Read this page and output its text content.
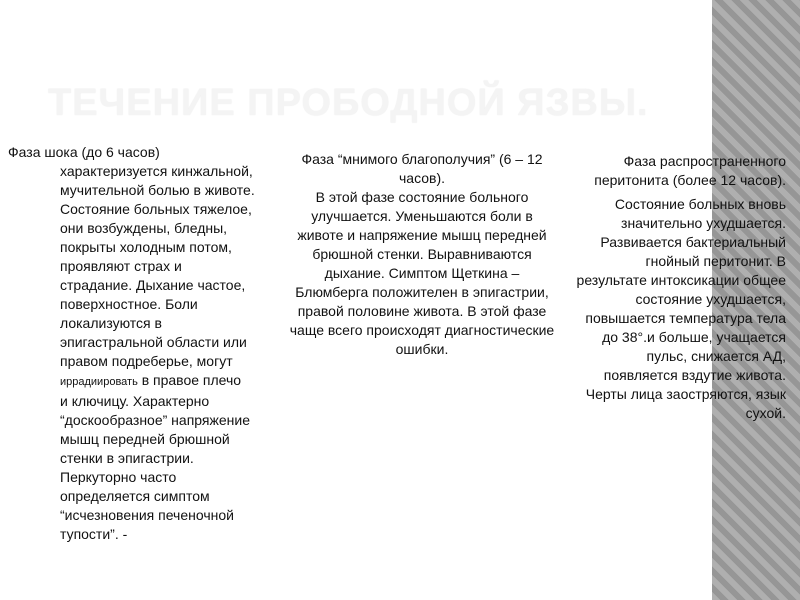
ТЕЧЕНИЕ ПРОБОДНОЙ ЯЗВЫ.
Фаза шока (до 6 часов)
характеризуется кинжальной,
мучительной болью в животе.
Состояние больных тяжелое,
они возбуждены, бледны,
покрыты холодным потом,
проявляют страх и
страдание. Дыхание частое,
поверхностное. Боли
локализуются в
эпигастральной области или
правом подреберье, могут
иррадиировать в правое плечо
и ключицу. Характерно
“доскообразное” напряжение
мышц передней брюшной
стенки в эпигастрии.
Перкуторно часто
определяется симптом
“исчезновения печеночной
тупости”. -

Фаза “мнимого благополучия” (6 – 12 часов).

В этой фазе состояние больного улучшается. Уменьшаются боли в животе и напряжение мышц передней брюшной стенки. Выравниваются дыхание. Симптом Щеткина – Блюмберга положителен в эпигастрии, правой половине живота. В этой фазе чаще всего происходят диагностические ошибки.

Фаза распространенного перитонита (более 12 часов).

Состояние больных вновь значительно ухудшается. Развивается бактериальный гнойный перитонит. В результате интоксикации общее состояние ухудшается, повышается температура тела до 38°.и больше, учащается пульс, снижается АД, появляется вздутие живота. Черты лица заостряются, язык сухой.
